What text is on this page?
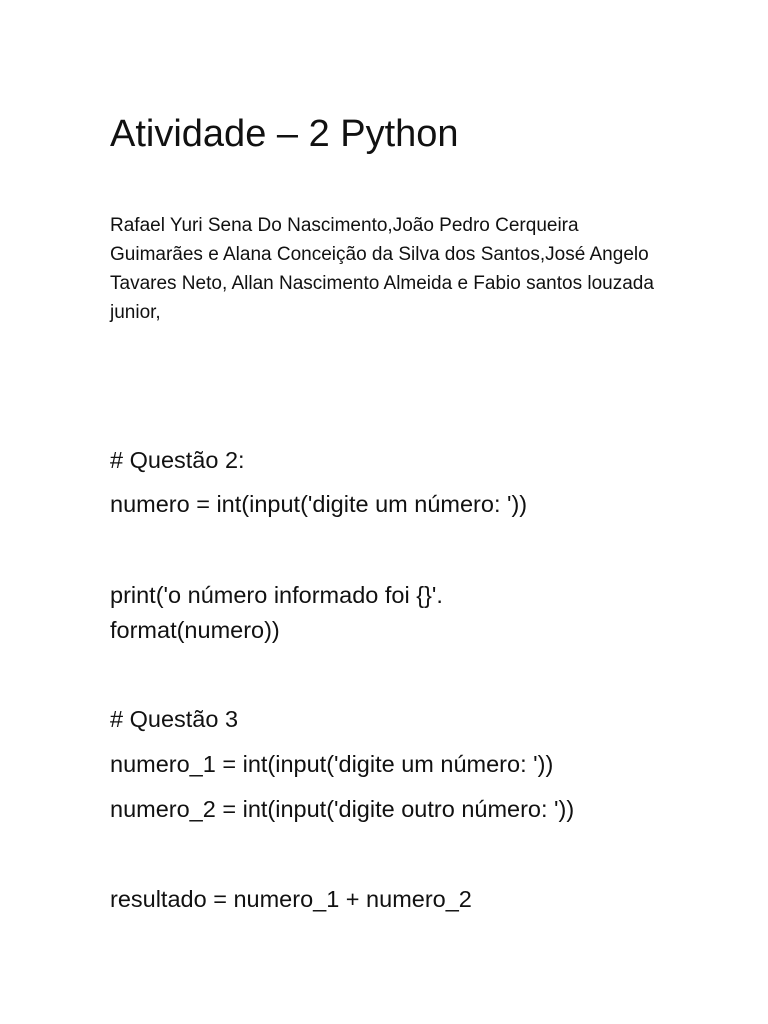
Atividade – 2 Python

Rafael Yuri Sena Do Nascimento,João Pedro Cerqueira Guimarães e Alana Conceição da Silva dos Santos,José Angelo Tavares Neto, Allan Nascimento Almeida e Fabio santos louzada junior,

# Questão 2:

numero = int(input('digite um número: '))

print('o número informado foi {}'.

format(numero))

# Questão 3

numero_1 = int(input('digite um número: '))

numero_2 = int(input('digite outro número: '))

resultado = numero_1 + numero_2
